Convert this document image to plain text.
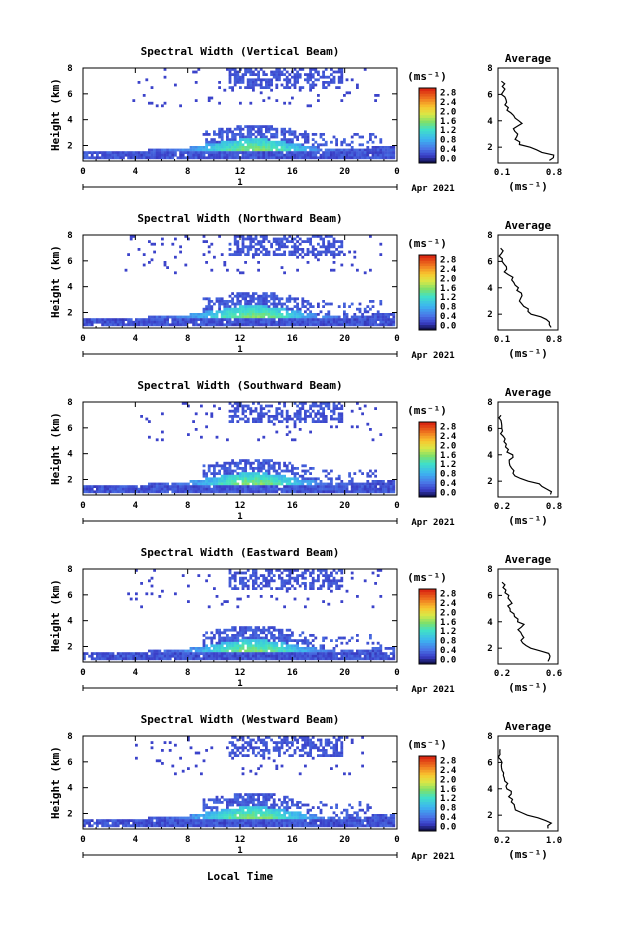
Spectral Width (Vertical Beam)
2
4
6
8
0	4	8	12	16	20	0
Height (km)
1
Apr 2021
0.0
0.4
0.8
1.2
1.6
2.0
2.4
2.8
(ms⁻¹)
Average
2
4
6
8
0.1	0.8
(ms⁻¹)
Spectral Width (Northward Beam)
2
4
6
8
0	4	8	12	16	20	0
Height (km)
1
Apr 2021
0.0
0.4
0.8
1.2
1.6
2.0
2.4
2.8
(ms⁻¹)
Average
2
4
6
8
0.1	0.8
(ms⁻¹)
Spectral Width (Southward Beam)
2
4
6
8
0	4	8	12	16	20	0
Height (km)
1
Apr 2021
0.0
0.4
0.8
1.2
1.6
2.0
2.4
2.8
(ms⁻¹)
Average
2
4
6
8
0.2	0.8
(ms⁻¹)
Spectral Width (Eastward Beam)
2
4
6
8
0	4	8	12	16	20	0
Height (km)
1
Apr 2021
0.0
0.4
0.8
1.2
1.6
2.0
2.4
2.8
(ms⁻¹)
Average
2
4
6
8
0.2	0.6
(ms⁻¹)
Spectral Width (Westward Beam)
2
4
6
8
0	4	8	12	16	20	0
Height (km)
1
Apr 2021
0.0
0.4
0.8
1.2
1.6
2.0
2.4
2.8
(ms⁻¹)
Average
2
4
6
8
0.2	1.0
(ms⁻¹)
Local Time
